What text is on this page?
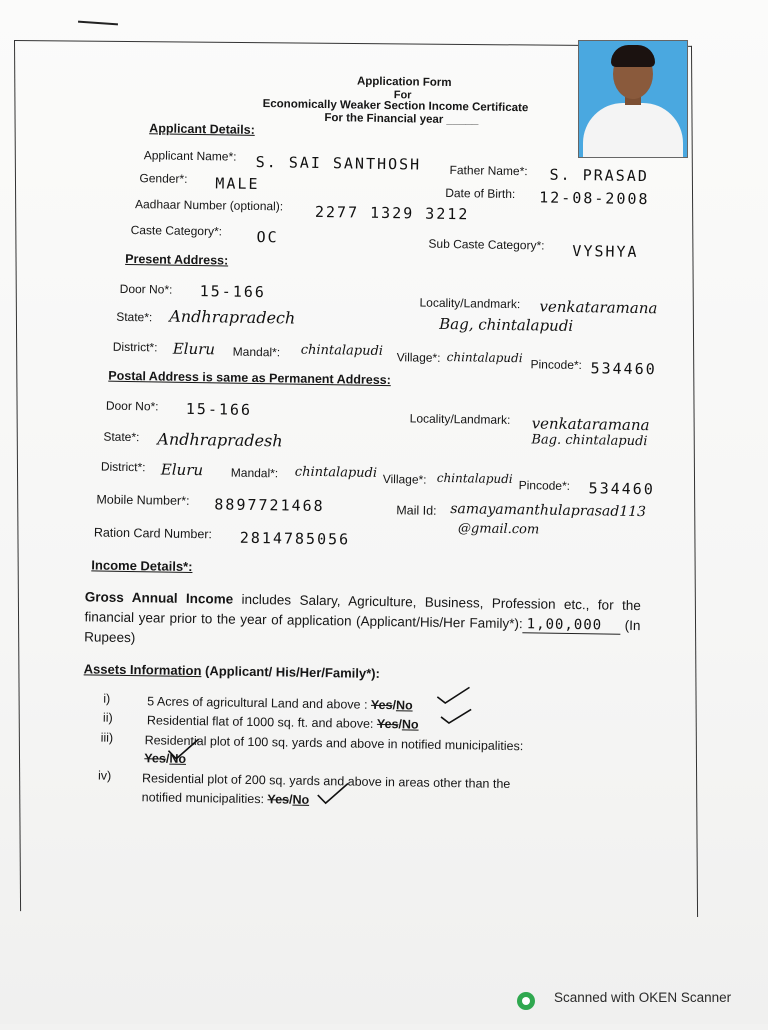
Application Form
For
Economically Weaker Section Income Certificate
For the Financial year _____
Applicant Details:
Applicant Name*: S. SAI SANTHOSH Father Name*: S. PRASAD
Gender*: MALE
Date of Birth: 12-08-2008
Aadhaar Number (optional): 2277 1329 3212
Caste Category*: OC	Sub Caste Category*: VYSHYA
Present Address:
Door No*: 15-166
Locality/Landmark: venkataramana
Bag, chintalapudi
State*: Andhrapradech
District*: Eluru Mandal*: chintalapudi Village*: chintalapudi Pincode*: 534460
Postal Address is same as Permanent Address:
Door No*: 15-166
Locality/Landmark: venkataramana
Bag. chintalapudi
State*: Andhrapradesh
District*: Eluru Mandal*: chintalapudi Village*: chintalapudi Pincode*: 534460
Mobile Number*: 8897721468	Mail Id: samayamanthulaprasad113
@gmail.com
Ration Card Number: 2814785056
Income Details*:
Gross Annual Income includes Salary, Agriculture, Business, Profession etc., for the financial year prior to the year of application (Applicant/His/Her Family*): 1,00,000 (In Rupees)
Assets Information (Applicant/ His/Her/Family*):
i)	5 Acres of agricultural Land and above : Yes/No
ii)	Residential flat of 1000 sq. ft. and above: Yes/No
iii) Residential plot of 100 sq. yards and above in notified municipalities:
Yes/No
iv) Residential plot of 200 sq. yards and above in areas other than the
notified municipalities: Yes/No
Scanned with OKEN Scanner
